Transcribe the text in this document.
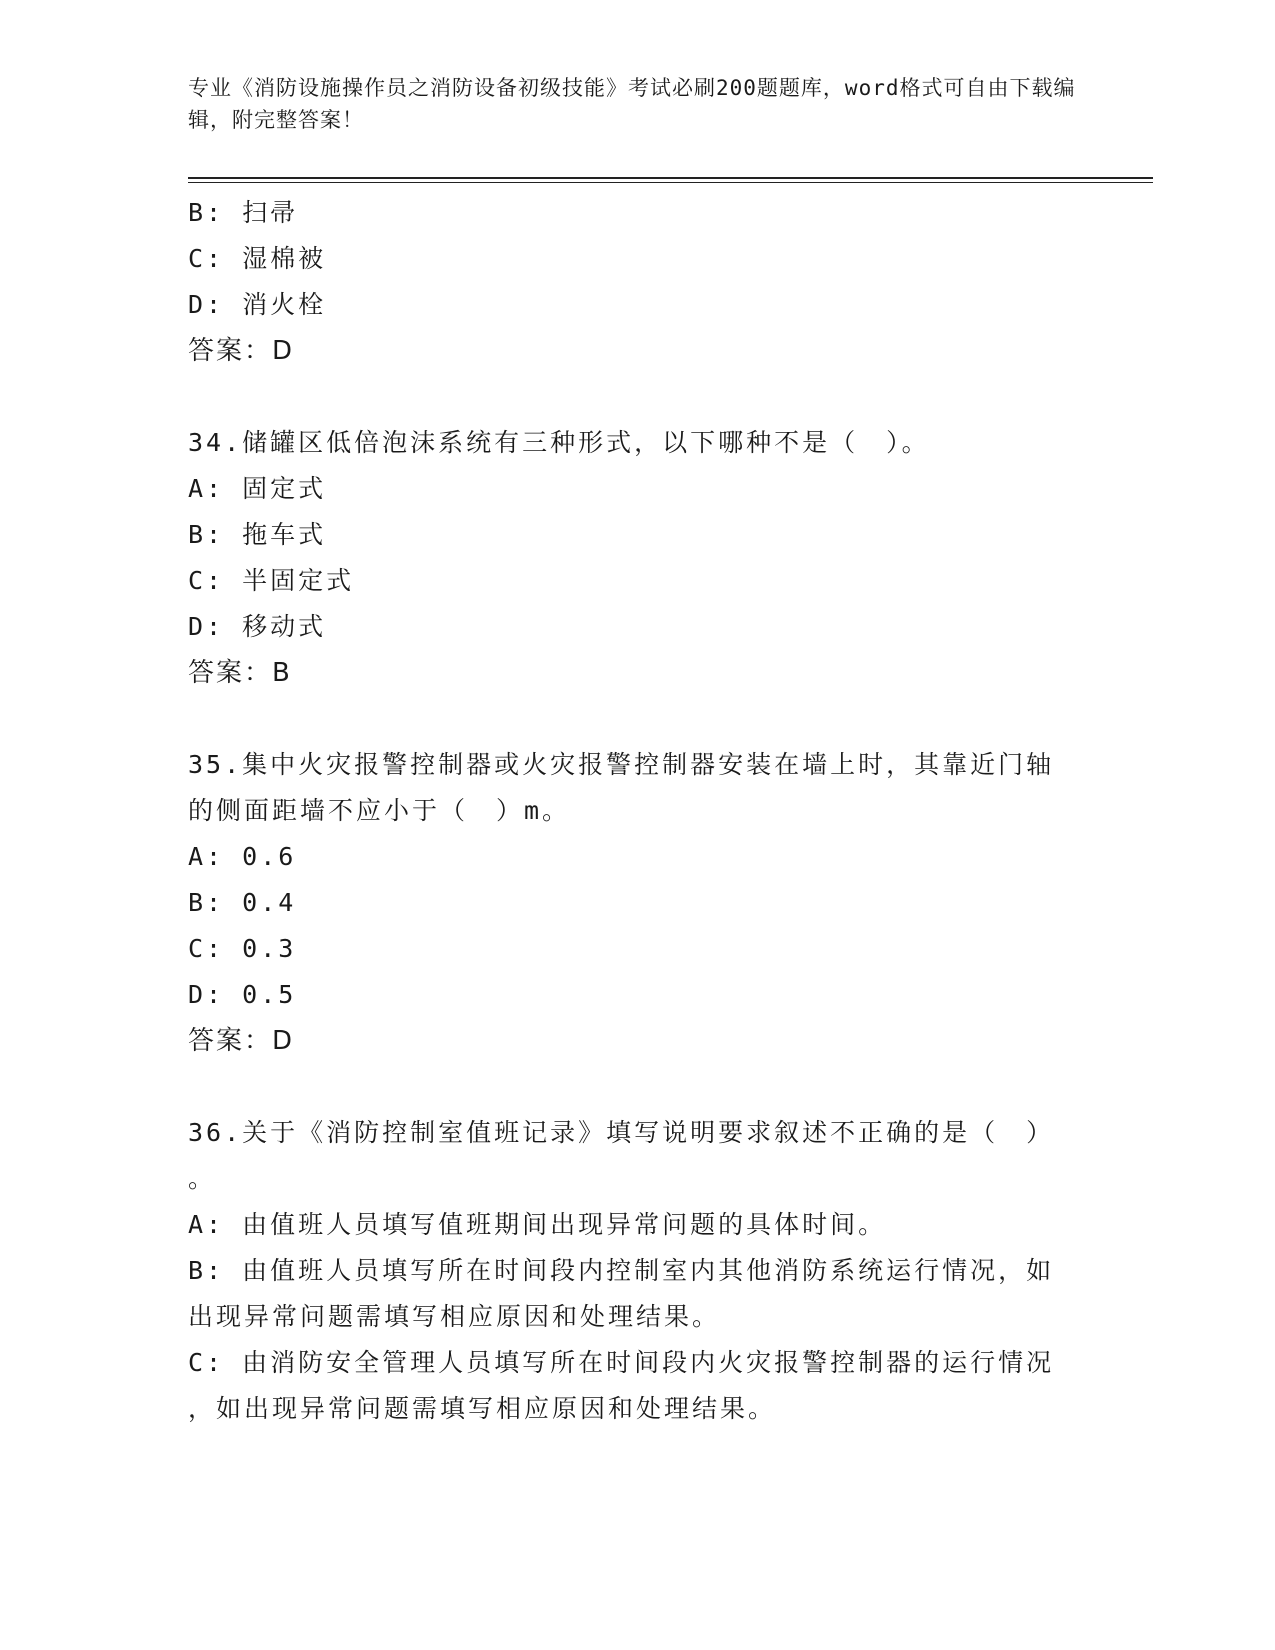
专业《消防设施操作员之消防设备初级技能》考试必刷200题题库，word格式可自由下载编辑，附完整答案！
B: 扫帚
C: 湿棉被
D: 消火栓
答案：D
34.储罐区低倍泡沫系统有三种形式，以下哪种不是（　）。
A: 固定式
B: 拖车式
C: 半固定式
D: 移动式
答案：B
35.集中火灾报警控制器或火灾报警控制器安装在墙上时，其靠近门轴
的侧面距墙不应小于（　）m。
A: 0.6
B: 0.4
C: 0.3
D: 0.5
答案：D
36.关于《消防控制室值班记录》填写说明要求叙述不正确的是（　）
。
A: 由值班人员填写值班期间出现异常问题的具体时间。
B: 由值班人员填写所在时间段内控制室内其他消防系统运行情况，如
出现异常问题需填写相应原因和处理结果。
C: 由消防安全管理人员填写所在时间段内火灾报警控制器的运行情况
，如出现异常问题需填写相应原因和处理结果。
